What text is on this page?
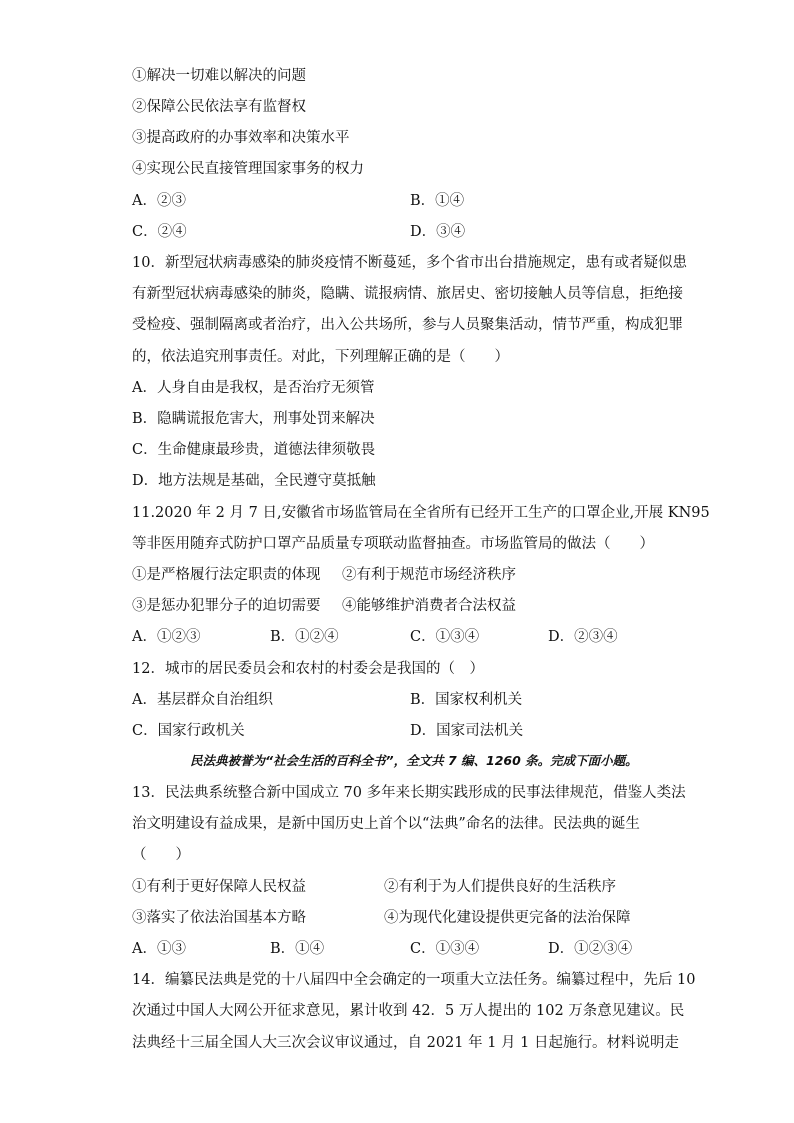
①解决一切难以解决的问题
②保障公民依法享有监督权
③提高政府的办事效率和决策水平
④实现公民直接管理国家事务的权力
A．②③	B．①④
C．②④	D．③④
10．新型冠状病毒感染的肺炎疫情不断蔓延，多个省市出台措施规定，患有或者疑似患
有新型冠状病毒感染的肺炎，隐瞒、谎报病情、旅居史、密切接触人员等信息，拒绝接
受检疫、强制隔离或者治疗，出入公共场所，参与人员聚集活动，情节严重，构成犯罪
的，依法追究刑事责任。对此，下列理解正确的是（　　）
A．人身自由是我权，是否治疗无须管
B．隐瞒谎报危害大，刑事处罚来解决
C．生命健康最珍贵，道德法律须敬畏
D．地方法规是基础，全民遵守莫抵触
11.2020 年 2 月 7 日,安徽省市场监管局在全省所有已经开工生产的口罩企业,开展 KN95
等非医用随弃式防护口罩产品质量专项联动监督抽查。市场监管局的做法（　　）
①是严格履行法定职责的体现 ②有利于规范市场经济秩序
③是惩办犯罪分子的迫切需要 ④能够维护消费者合法权益
A．①②③	B．①②④	C．①③④	D．②③④
12．城市的居民委员会和农村的村委会是我国的（　）
A．基层群众自治组织	B．国家权利机关
C．国家行政机关	D．国家司法机关
民法典被誉为“社会生活的百科全书”，全文共 7 编、1260 条。完成下面小题。
13．民法典系统整合新中国成立 70 多年来长期实践形成的民事法律规范，借鉴人类法
治文明建设有益成果，是新中国历史上首个以“法典”命名的法律。民法典的诞生
（　　）
①有利于更好保障人民权益	②有利于为人们提供良好的生活秩序
③落实了依法治国基本方略	④为现代化建设提供更完备的法治保障
A．①③	B．①④	C．①③④	D．①②③④
14．编纂民法典是党的十八届四中全会确定的一项重大立法任务。编纂过程中，先后 10
次通过中国人大网公开征求意见，累计收到 42．5 万人提出的 102 万条意见建议。民
法典经十三届全国人大三次会议审议通过，自 2021 年 1 月 1 日起施行。材料说明走
